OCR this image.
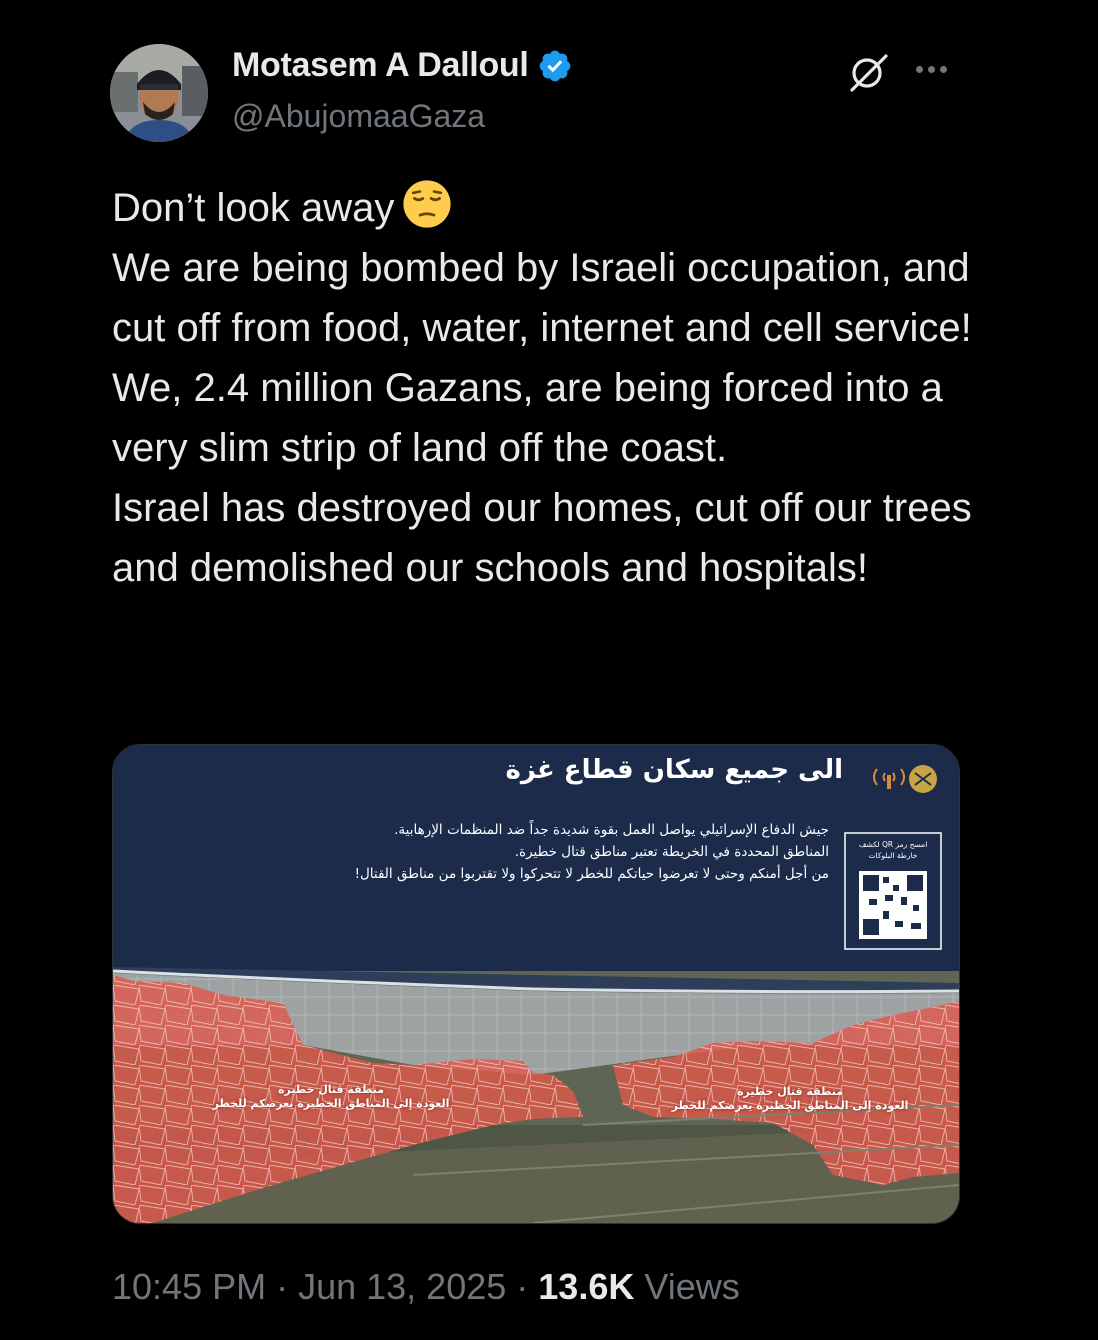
Motasem A Dalloul
@AbujomaaGaza
Don’t look away
We are being bombed by Israeli occupation, and cut off from food, water, internet and cell service!
We, 2.4 million Gazans, are being forced into a very slim strip of land off the coast.
Israel has destroyed our homes, cut off our trees and demolished our schools and hospitals!
الى جميع سكان قطاع غزة
جيش الدفاع الإسرائيلي يواصل العمل بقوة شديدة جداً ضد المنظمات الإرهابية.
المناطق المحددة في الخريطة تعتبر مناطق قتال خطيرة.
من أجل أمنكم وحتى لا تعرضوا حياتكم للخطر لا تتحركوا ولا تقتربوا من مناطق القتال!
امسح رمز QR لكشف
خارطة البلوكات
منطقة قتال خطيرة
العودة إلى المناطق الخطيرة يعرضكم للخطر
منطقة قتال خطيرة
العودة إلى المناطق الخطيرة يعرضكم للخطر
10:45 PM · Jun 13, 2025 · 13.6K Views
